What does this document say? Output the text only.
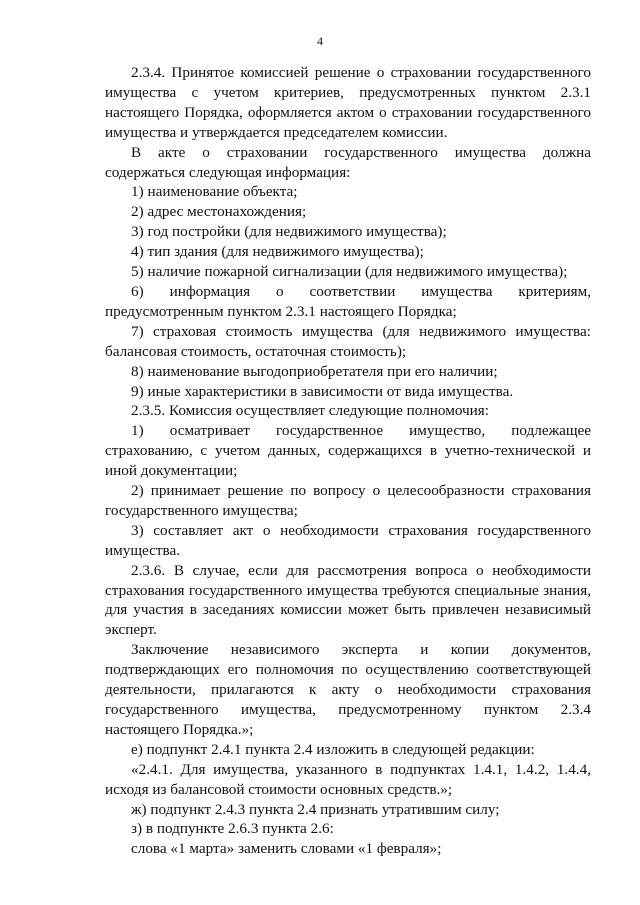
4

2.3.4. Принятое комиссией решение о страховании государственного имущества с учетом критериев, предусмотренных пунктом 2.3.1 настоящего Порядка, оформляется актом о страховании государственного имущества и утверждается председателем комиссии.

В акте о страховании государственного имущества должна содержаться следующая информация:

1) наименование объекта;

2) адрес местонахождения;

3) год постройки (для недвижимого имущества);

4) тип здания (для недвижимого имущества);

5) наличие пожарной сигнализации (для недвижимого имущества);

6) информация о соответствии имущества критериям, предусмотренным пунктом 2.3.1 настоящего Порядка;

7) страховая стоимость имущества (для недвижимого имущества: балансовая стоимость, остаточная стоимость);

8) наименование выгодоприобретателя при его наличии;

9) иные характеристики в зависимости от вида имущества.

2.3.5. Комиссия осуществляет следующие полномочия:

1) осматривает государственное имущество, подлежащее страхованию, с учетом данных, содержащихся в учетно-технической и иной документации;

2) принимает решение по вопросу о целесообразности страхования государственного имущества;

3) составляет акт о необходимости страхования государственного имущества.

2.3.6. В случае, если для рассмотрения вопроса о необходимости страхования государственного имущества требуются специальные знания, для участия в заседаниях комиссии может быть привлечен независимый эксперт.

Заключение независимого эксперта и копии документов, подтверждающих его полномочия по осуществлению соответствующей деятельности, прилагаются к акту о необходимости страхования государственного имущества, предусмотренному пунктом 2.3.4 настоящего Порядка.»;

е) подпункт 2.4.1 пункта 2.4 изложить в следующей редакции:

«2.4.1. Для имущества, указанного в подпунктах 1.4.1, 1.4.2, 1.4.4, исходя из балансовой стоимости основных средств.»;

ж) подпункт 2.4.3 пункта 2.4 признать утратившим силу;

з) в подпункте 2.6.3 пункта 2.6:

слова «1 марта» заменить словами «1 февраля»;
